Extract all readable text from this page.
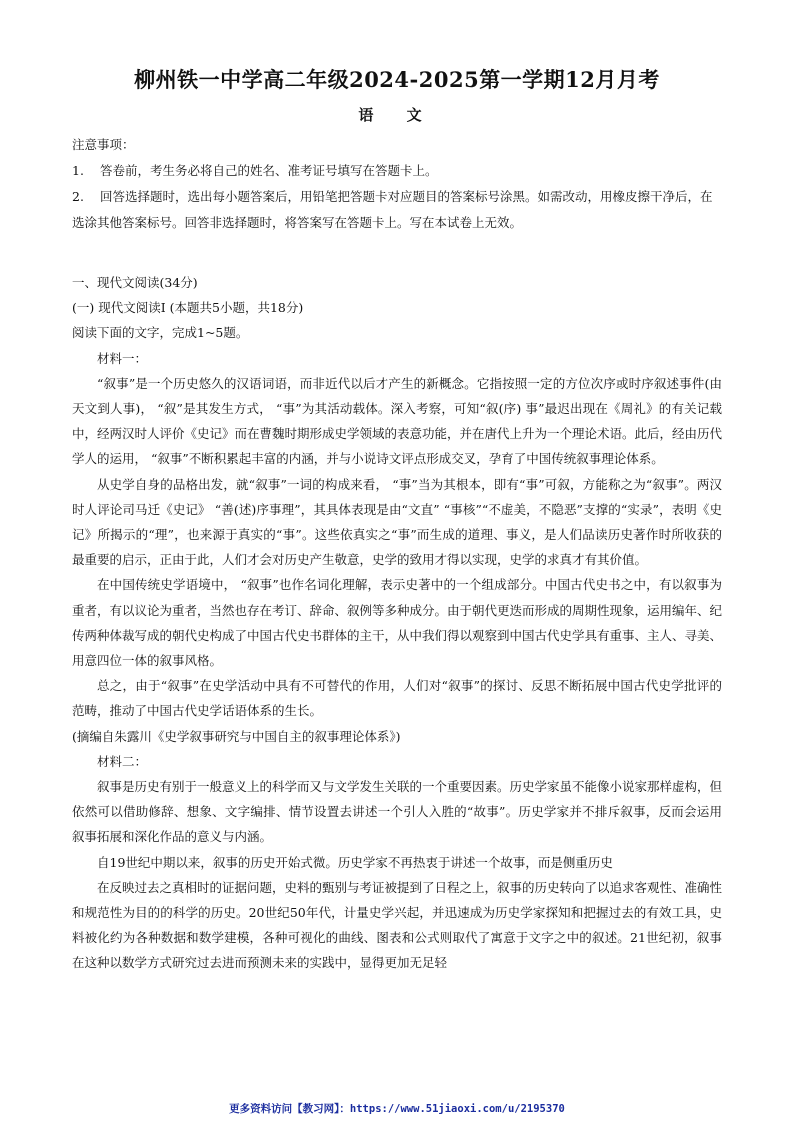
柳州铁一中学高二年级2024-2025第一学期12月月考
语 文

注意事项：

1. 答卷前，考生务必将自己的姓名、准考证号填写在答题卡上。

2. 回答选择题时，选出每小题答案后，用铅笔把答题卡对应题目的答案标号涂黑。如需改动，用橡皮擦干净后，在选涂其他答案标号。回答非选择题时，将答案写在答题卡上。写在本试卷上无效。

一、现代文阅读(34分)

(一) 现代文阅读Ⅰ (本题共5小题，共18分)

阅读下面的文字，完成1~5题。

材料一：

“叙事”是一个历史悠久的汉语词语，而非近代以后才产生的新概念。它指按照一定的方位次序或时序叙述事件(由天文到人事)， “叙”是其发生方式， “事”为其活动载体。深入考察，可知“叙(序) 事”最迟出现在《周礼》的有关记载中，经两汉时人评价《史记》而在曹魏时期形成史学领域的表意功能，并在唐代上升为一个理论术语。此后，经由历代学人的运用， “叙事”不断积累起丰富的内涵，并与小说诗文评点形成交叉，孕育了中国传统叙事理论体系。

从史学自身的品格出发，就“叙事”一词的构成来看， “事”当为其根本，即有“事”可叙，方能称之为“叙事”。两汉时人评论司马迁《史记》 “善(述)序事理”，其具体表现是由“文直” “事核”“不虚美，不隐恶”支撑的“实录”，表明《史记》所揭示的“理”，也来源于真实的“事”。这些依真实之“事”而生成的道理、事义，是人们品读历史著作时所收获的最重要的启示，正由于此，人们才会对历史产生敬意，史学的致用才得以实现，史学的求真才有其价值。

在中国传统史学语境中， “叙事”也作名词化理解，表示史著中的一个组成部分。中国古代史书之中，有以叙事为重者，有以议论为重者，当然也存在考订、辞命、叙例等多种成分。由于朝代更迭而形成的周期性现象，运用编年、纪传两种体裁写成的朝代史构成了中国古代史书群体的主干，从中我们得以观察到中国古代史学具有重事、主人、寻美、用意四位一体的叙事风格。

总之，由于“叙事”在史学活动中具有不可替代的作用，人们对“叙事”的探讨、反思不断拓展中国古代史学批评的范畴，推动了中国古代史学话语体系的生长。

(摘编自朱露川《史学叙事研究与中国自主的叙事理论体系》)

材料二：

叙事是历史有别于一般意义上的科学而又与文学发生关联的一个重要因素。历史学家虽不能像小说家那样虚构，但依然可以借助修辞、想象、文字编排、情节设置去讲述一个引人入胜的“故事”。历史学家并不排斥叙事，反而会运用叙事拓展和深化作品的意义与内涵。

自19世纪中期以来，叙事的历史开始式微。历史学家不再热衷于讲述一个故事，而是侧重历史

在反映过去之真相时的证据问题，史料的甄别与考证被提到了日程之上，叙事的历史转向了以追求客观性、准确性和规范性为目的的科学的历史。20世纪50年代，计量史学兴起，并迅速成为历史学家探知和把握过去的有效工具，史料被化约为各种数据和数学建模，各种可视化的曲线、图表和公式则取代了寓意于文字之中的叙述。21世纪初，叙事在这种以数学方式研究过去进而预测未来的实践中，显得更加无足轻

更多资料访问【教习网】：https://www.51jiaoxi.com/u/2195370
